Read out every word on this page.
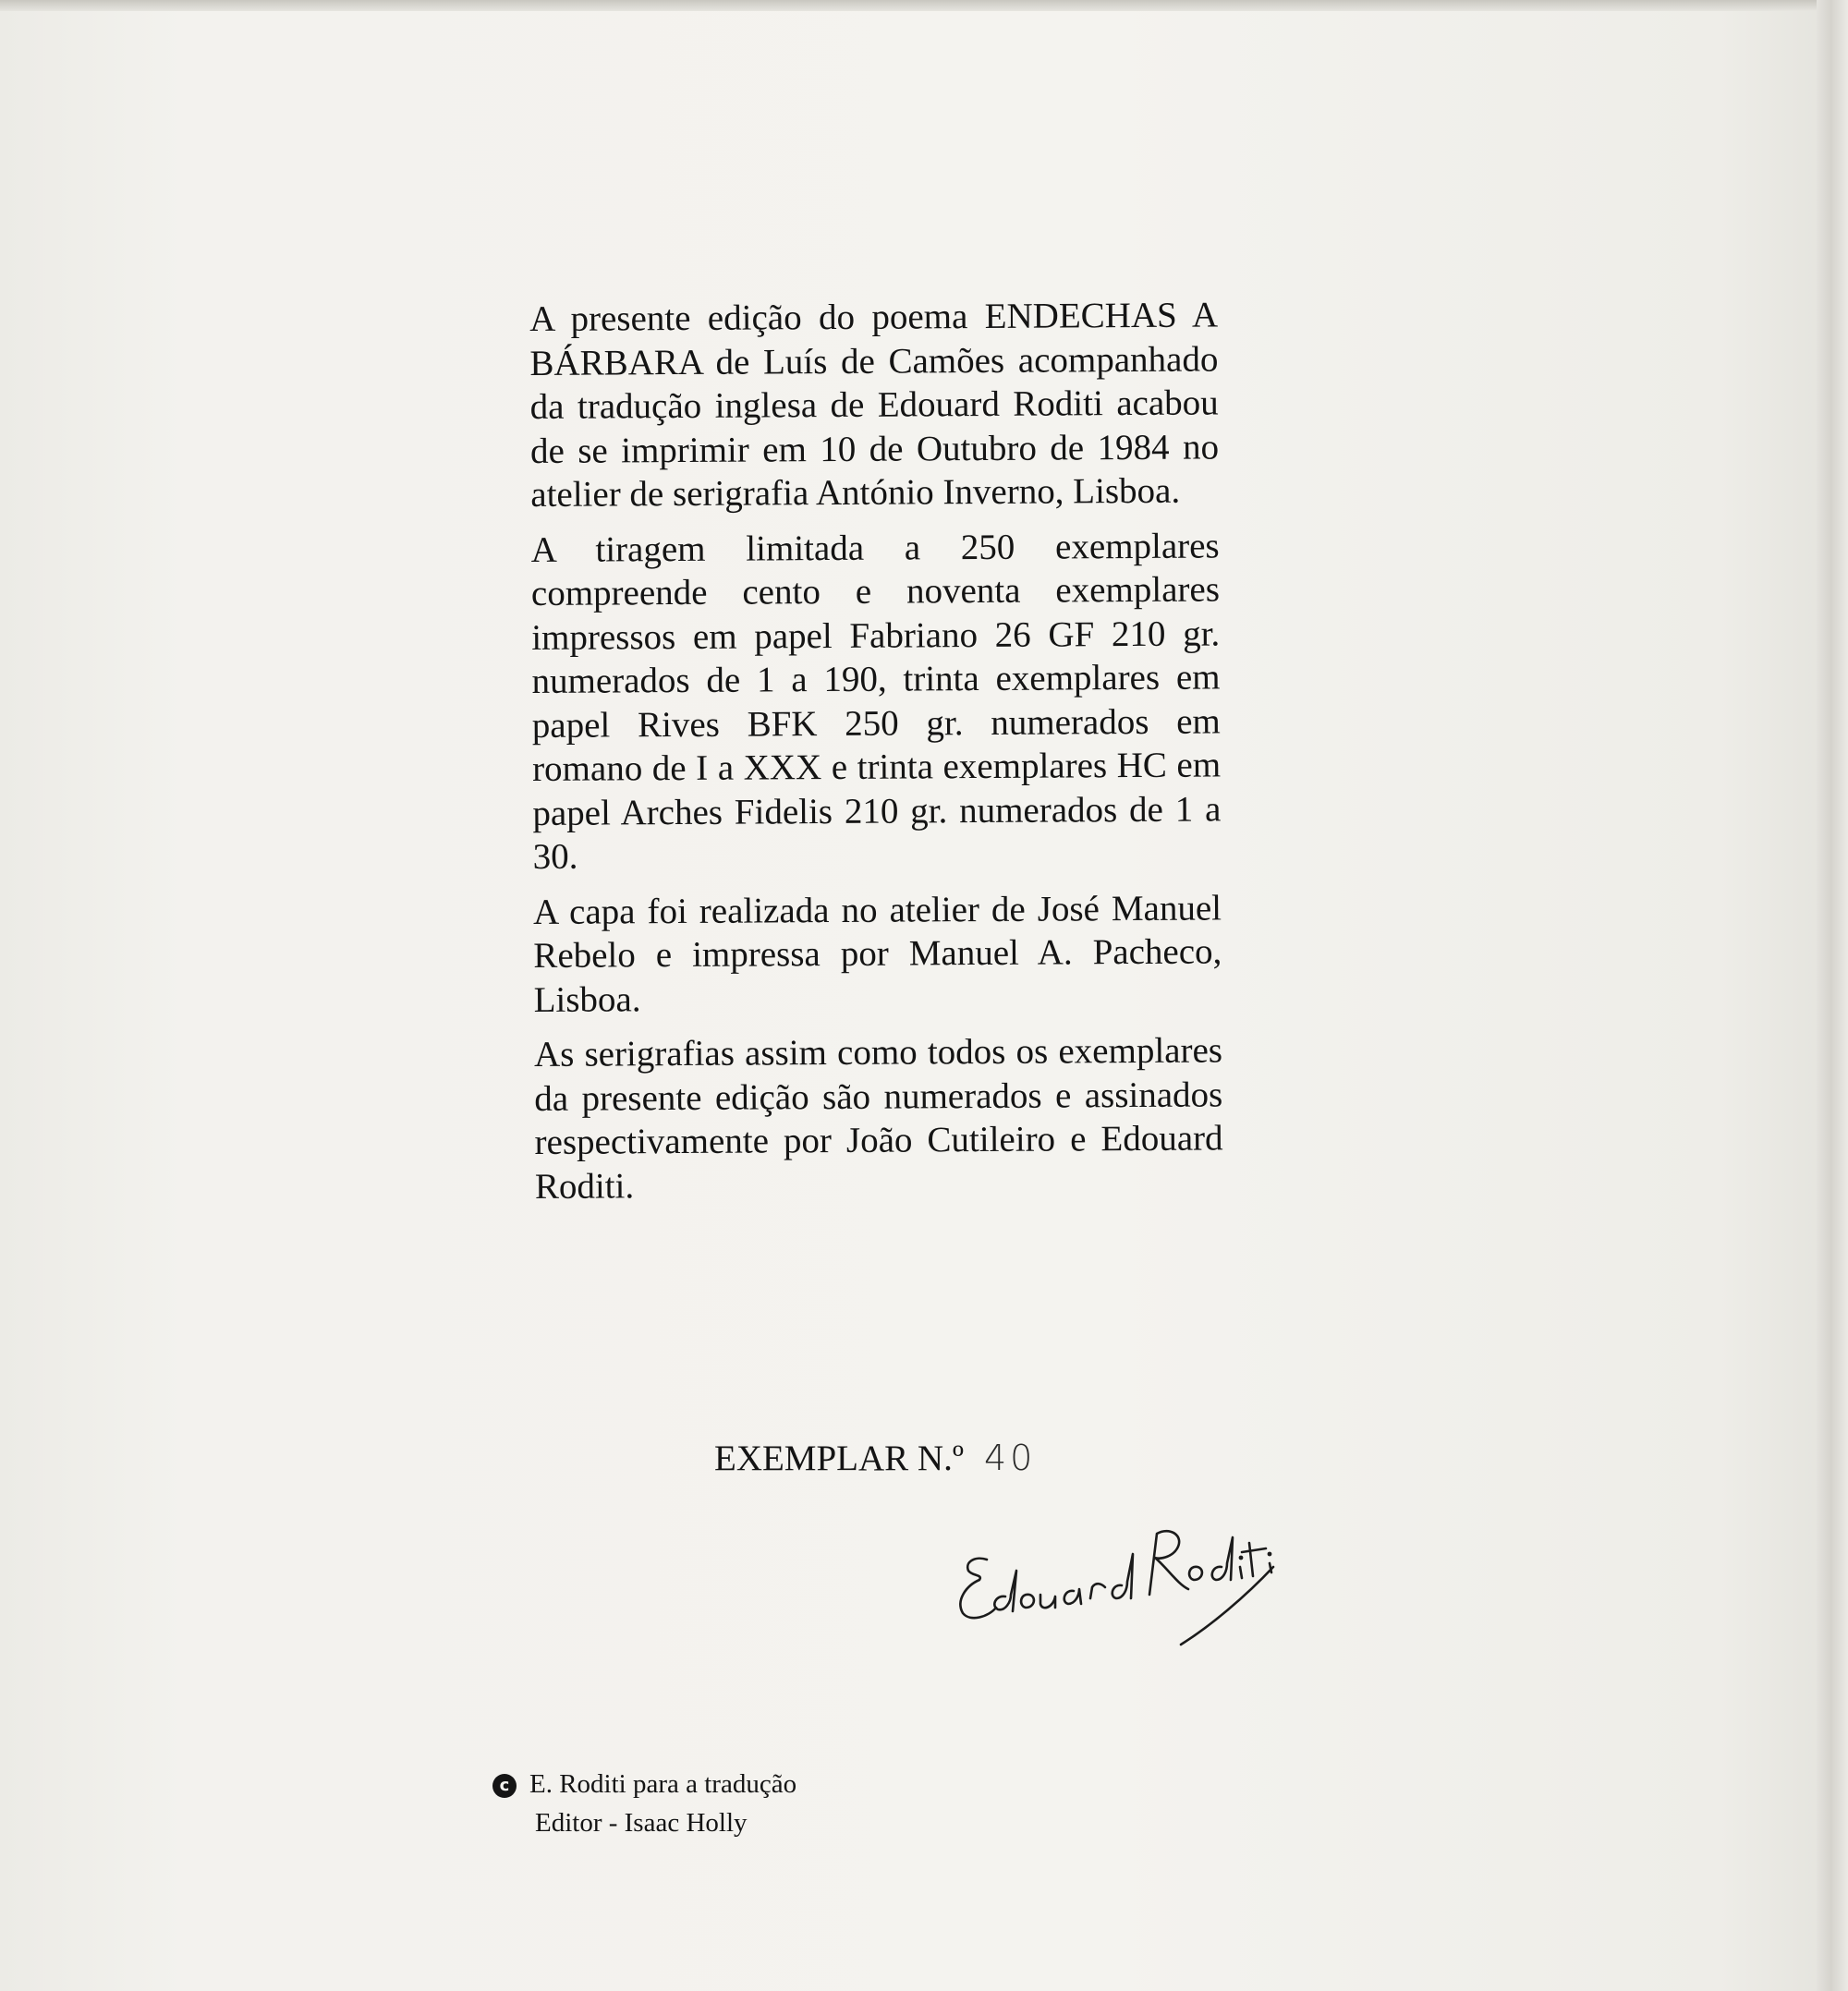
A presente edição do poema ENDECHAS A BÁRBARA de Luís de Camões acompanhado da tradução inglesa de Edouard Roditi acabou de se imprimir em 10 de Outubro de 1984 no atelier de serigrafia António Inverno, Lisboa.

A tiragem limitada a 250 exemplares compreende cento e noventa exemplares impressos em papel Fabriano 26 GF 210 gr. numerados de 1 a 190, trinta exemplares em papel Rives BFK 250 gr. numerados em romano de I a XXX e trinta exemplares HC em papel Arches Fidelis 210 gr. numerados de 1 a 30.

A capa foi realizada no atelier de José Manuel Rebelo e impressa por Manuel A. Pacheco, Lisboa.

As serigrafias assim como todos os exemplares da presente edição são numerados e assinados respectivamente por João Cutileiro e Edouard Roditi.

EXEMPLAR N.º 40
Edouard Roditi
c E. Roditi para a tradução
Editor - Isaac Holly
